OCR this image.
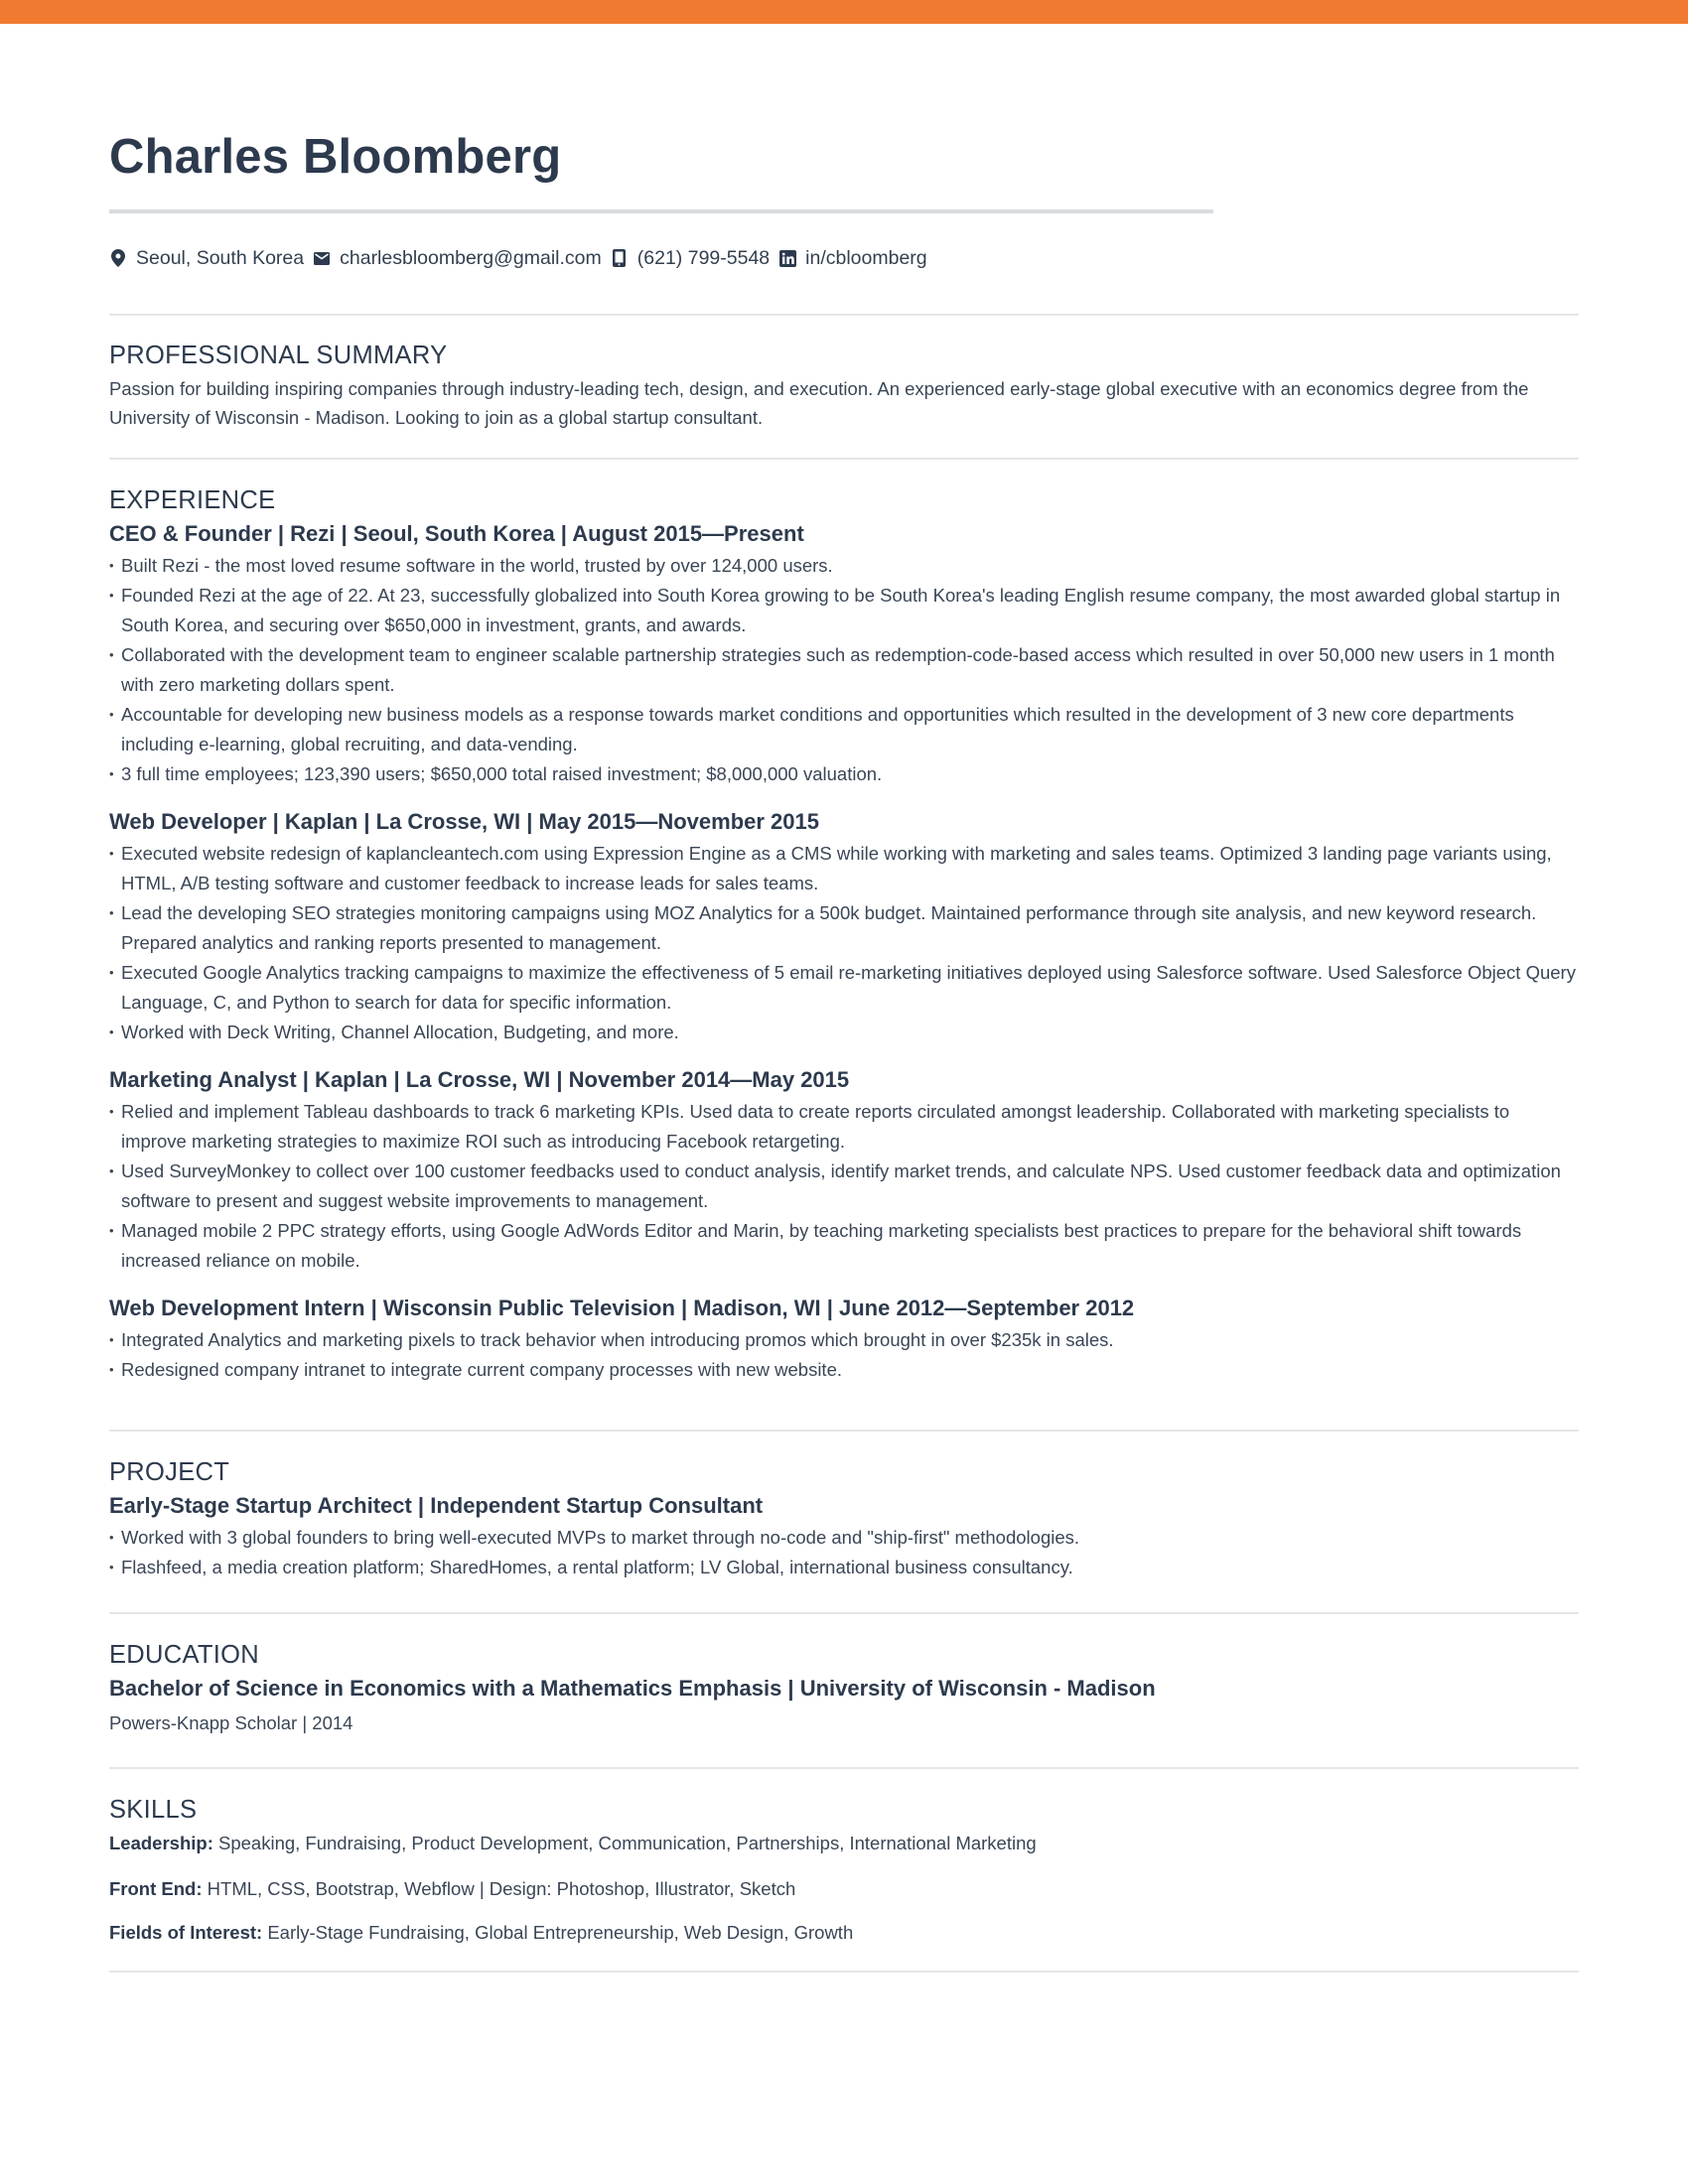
Charles Bloomberg
Seoul, South Korea charlesbloomberg@gmail.com (621) 799-5548 in/cbloomberg
PROFESSIONAL SUMMARY

Passion for building inspiring companies through industry-leading tech, design, and execution. An experienced early-stage global executive with an economics degree from the University of Wisconsin - Madison. Looking to join as a global startup consultant.

EXPERIENCE
CEO & Founder | Rezi | Seoul, South Korea | August 2015—Present
• Built Rezi - the most loved resume software in the world, trusted by over 124,000 users.
• Founded Rezi at the age of 22. At 23, successfully globalized into South Korea growing to be South Korea's leading English resume company, the most awarded global startup in South Korea, and securing over $650,000 in investment, grants, and awards.
• Collaborated with the development team to engineer scalable partnership strategies such as redemption-code-based access which resulted in over 50,000 new users in 1 month with zero marketing dollars spent.
• Accountable for developing new business models as a response towards market conditions and opportunities which resulted in the development of 3 new core departments including e-learning, global recruiting, and data-vending.
• 3 full time employees; 123,390 users; $650,000 total raised investment; $8,000,000 valuation.
Web Developer | Kaplan | La Crosse, WI | May 2015—November 2015
• Executed website redesign of kaplancleantech.com using Expression Engine as a CMS while working with marketing and sales teams. Optimized 3 landing page variants using, HTML, A/B testing software and customer feedback to increase leads for sales teams.
• Lead the developing SEO strategies monitoring campaigns using MOZ Analytics for a 500k budget. Maintained performance through site analysis, and new keyword research. Prepared analytics and ranking reports presented to management.
• Executed Google Analytics tracking campaigns to maximize the effectiveness of 5 email re-marketing initiatives deployed using Salesforce software. Used Salesforce Object Query Language, C, and Python to search for data for specific information.
• Worked with Deck Writing, Channel Allocation, Budgeting, and more.
Marketing Analyst | Kaplan | La Crosse, WI | November 2014—May 2015
• Relied and implement Tableau dashboards to track 6 marketing KPIs. Used data to create reports circulated amongst leadership. Collaborated with marketing specialists to improve marketing strategies to maximize ROI such as introducing Facebook retargeting.
• Used SurveyMonkey to collect over 100 customer feedbacks used to conduct analysis, identify market trends, and calculate NPS. Used customer feedback data and optimization software to present and suggest website improvements to management.
• Managed mobile 2 PPC strategy efforts, using Google AdWords Editor and Marin, by teaching marketing specialists best practices to prepare for the behavioral shift towards increased reliance on mobile.
Web Development Intern | Wisconsin Public Television | Madison, WI | June 2012—September 2012
• Integrated Analytics and marketing pixels to track behavior when introducing promos which brought in over $235k in sales.
• Redesigned company intranet to integrate current company processes with new website.
PROJECT
Early-Stage Startup Architect | Independent Startup Consultant
• Worked with 3 global founders to bring well-executed MVPs to market through no-code and "ship-first" methodologies.
• Flashfeed, a media creation platform; SharedHomes, a rental platform; LV Global, international business consultancy.
EDUCATION
Bachelor of Science in Economics with a Mathematics Emphasis | University of Wisconsin - Madison
Powers-Knapp Scholar | 2014
SKILLS

Leadership: Speaking, Fundraising, Product Development, Communication, Partnerships, International Marketing

Front End: HTML, CSS, Bootstrap, Webflow | Design: Photoshop, Illustrator, Sketch

Fields of Interest: Early-Stage Fundraising, Global Entrepreneurship, Web Design, Growth
